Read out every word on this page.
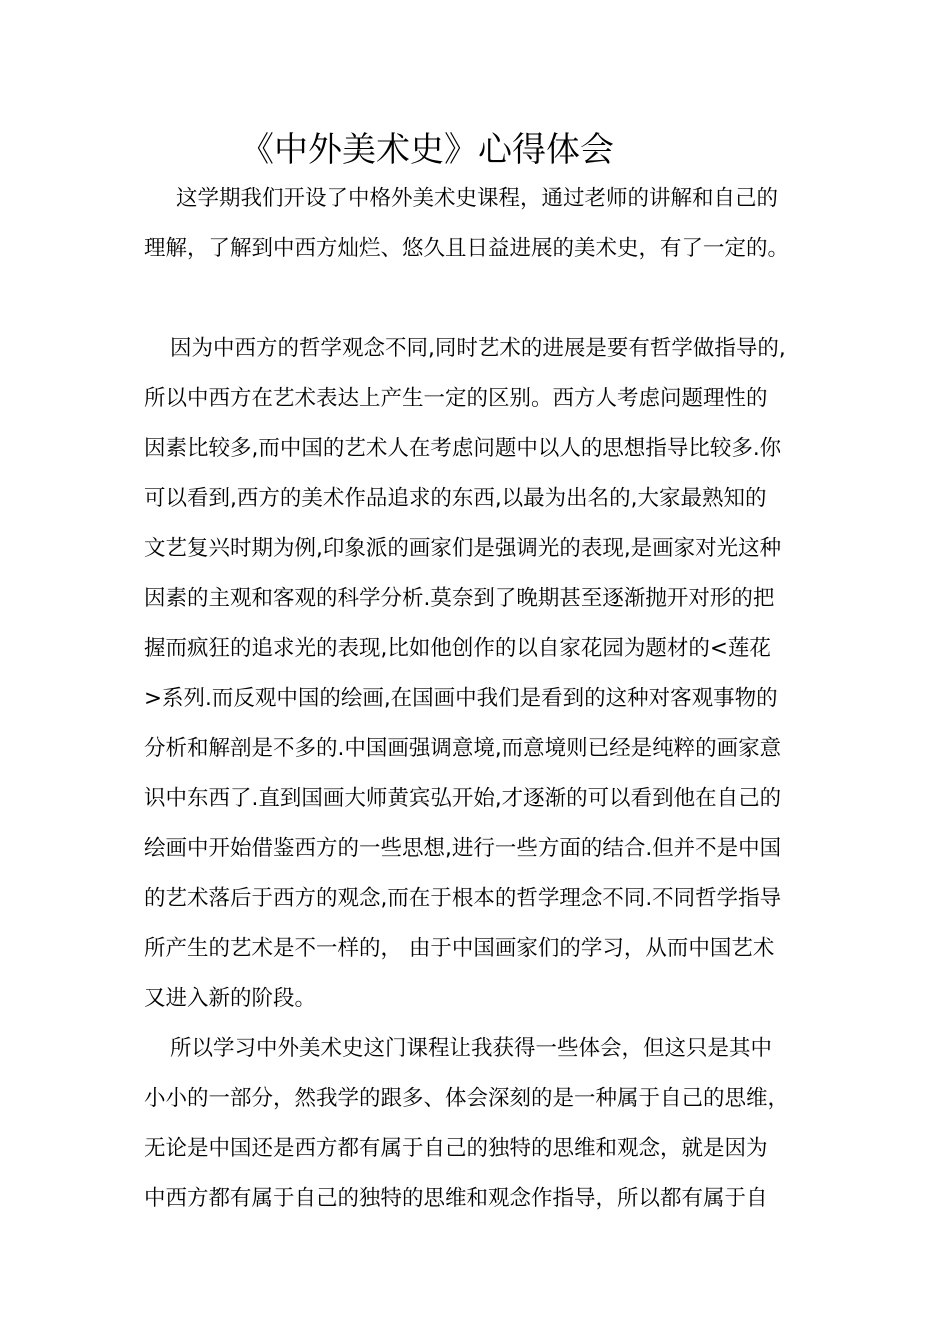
《中外美术史》心得体会
这学期我们开设了中格外美术史课程，通过老师的讲解和自己的
理解，了解到中西方灿烂、悠久且日益进展的美术史，有了一定的。
因为中西方的哲学观念不同,同时艺术的进展是要有哲学做指导的,
所以中西方在艺术表达上产生一定的区别。西方人考虑问题理性的
因素比较多,而中国的艺术人在考虑问题中以人的思想指导比较多.你
可以看到,西方的美术作品追求的东西,以最为出名的,大家最熟知的
文艺复兴时期为例,印象派的画家们是强调光的表现,是画家对光这种
因素的主观和客观的科学分析.莫奈到了晚期甚至逐渐抛开对形的把
握而疯狂的追求光的表现,比如他创作的以自家花园为题材的<莲花
>系列.而反观中国的绘画,在国画中我们是看到的这种对客观事物的
分析和解剖是不多的.中国画强调意境,而意境则已经是纯粹的画家意
识中东西了.直到国画大师黄宾弘开始,才逐渐的可以看到他在自己的
绘画中开始借鉴西方的一些思想,进行一些方面的结合.但并不是中国
的艺术落后于西方的观念,而在于根本的哲学理念不同.不同哲学指导
所产生的艺术是不一样的， 由于中国画家们的学习，从而中国艺术
又进入新的阶段。
所以学习中外美术史这门课程让我获得一些体会，但这只是其中
小小的一部分，然我学的跟多、体会深刻的是一种属于自己的思维，
无论是中国还是西方都有属于自己的独特的思维和观念，就是因为
中西方都有属于自己的独特的思维和观念作指导，所以都有属于自
